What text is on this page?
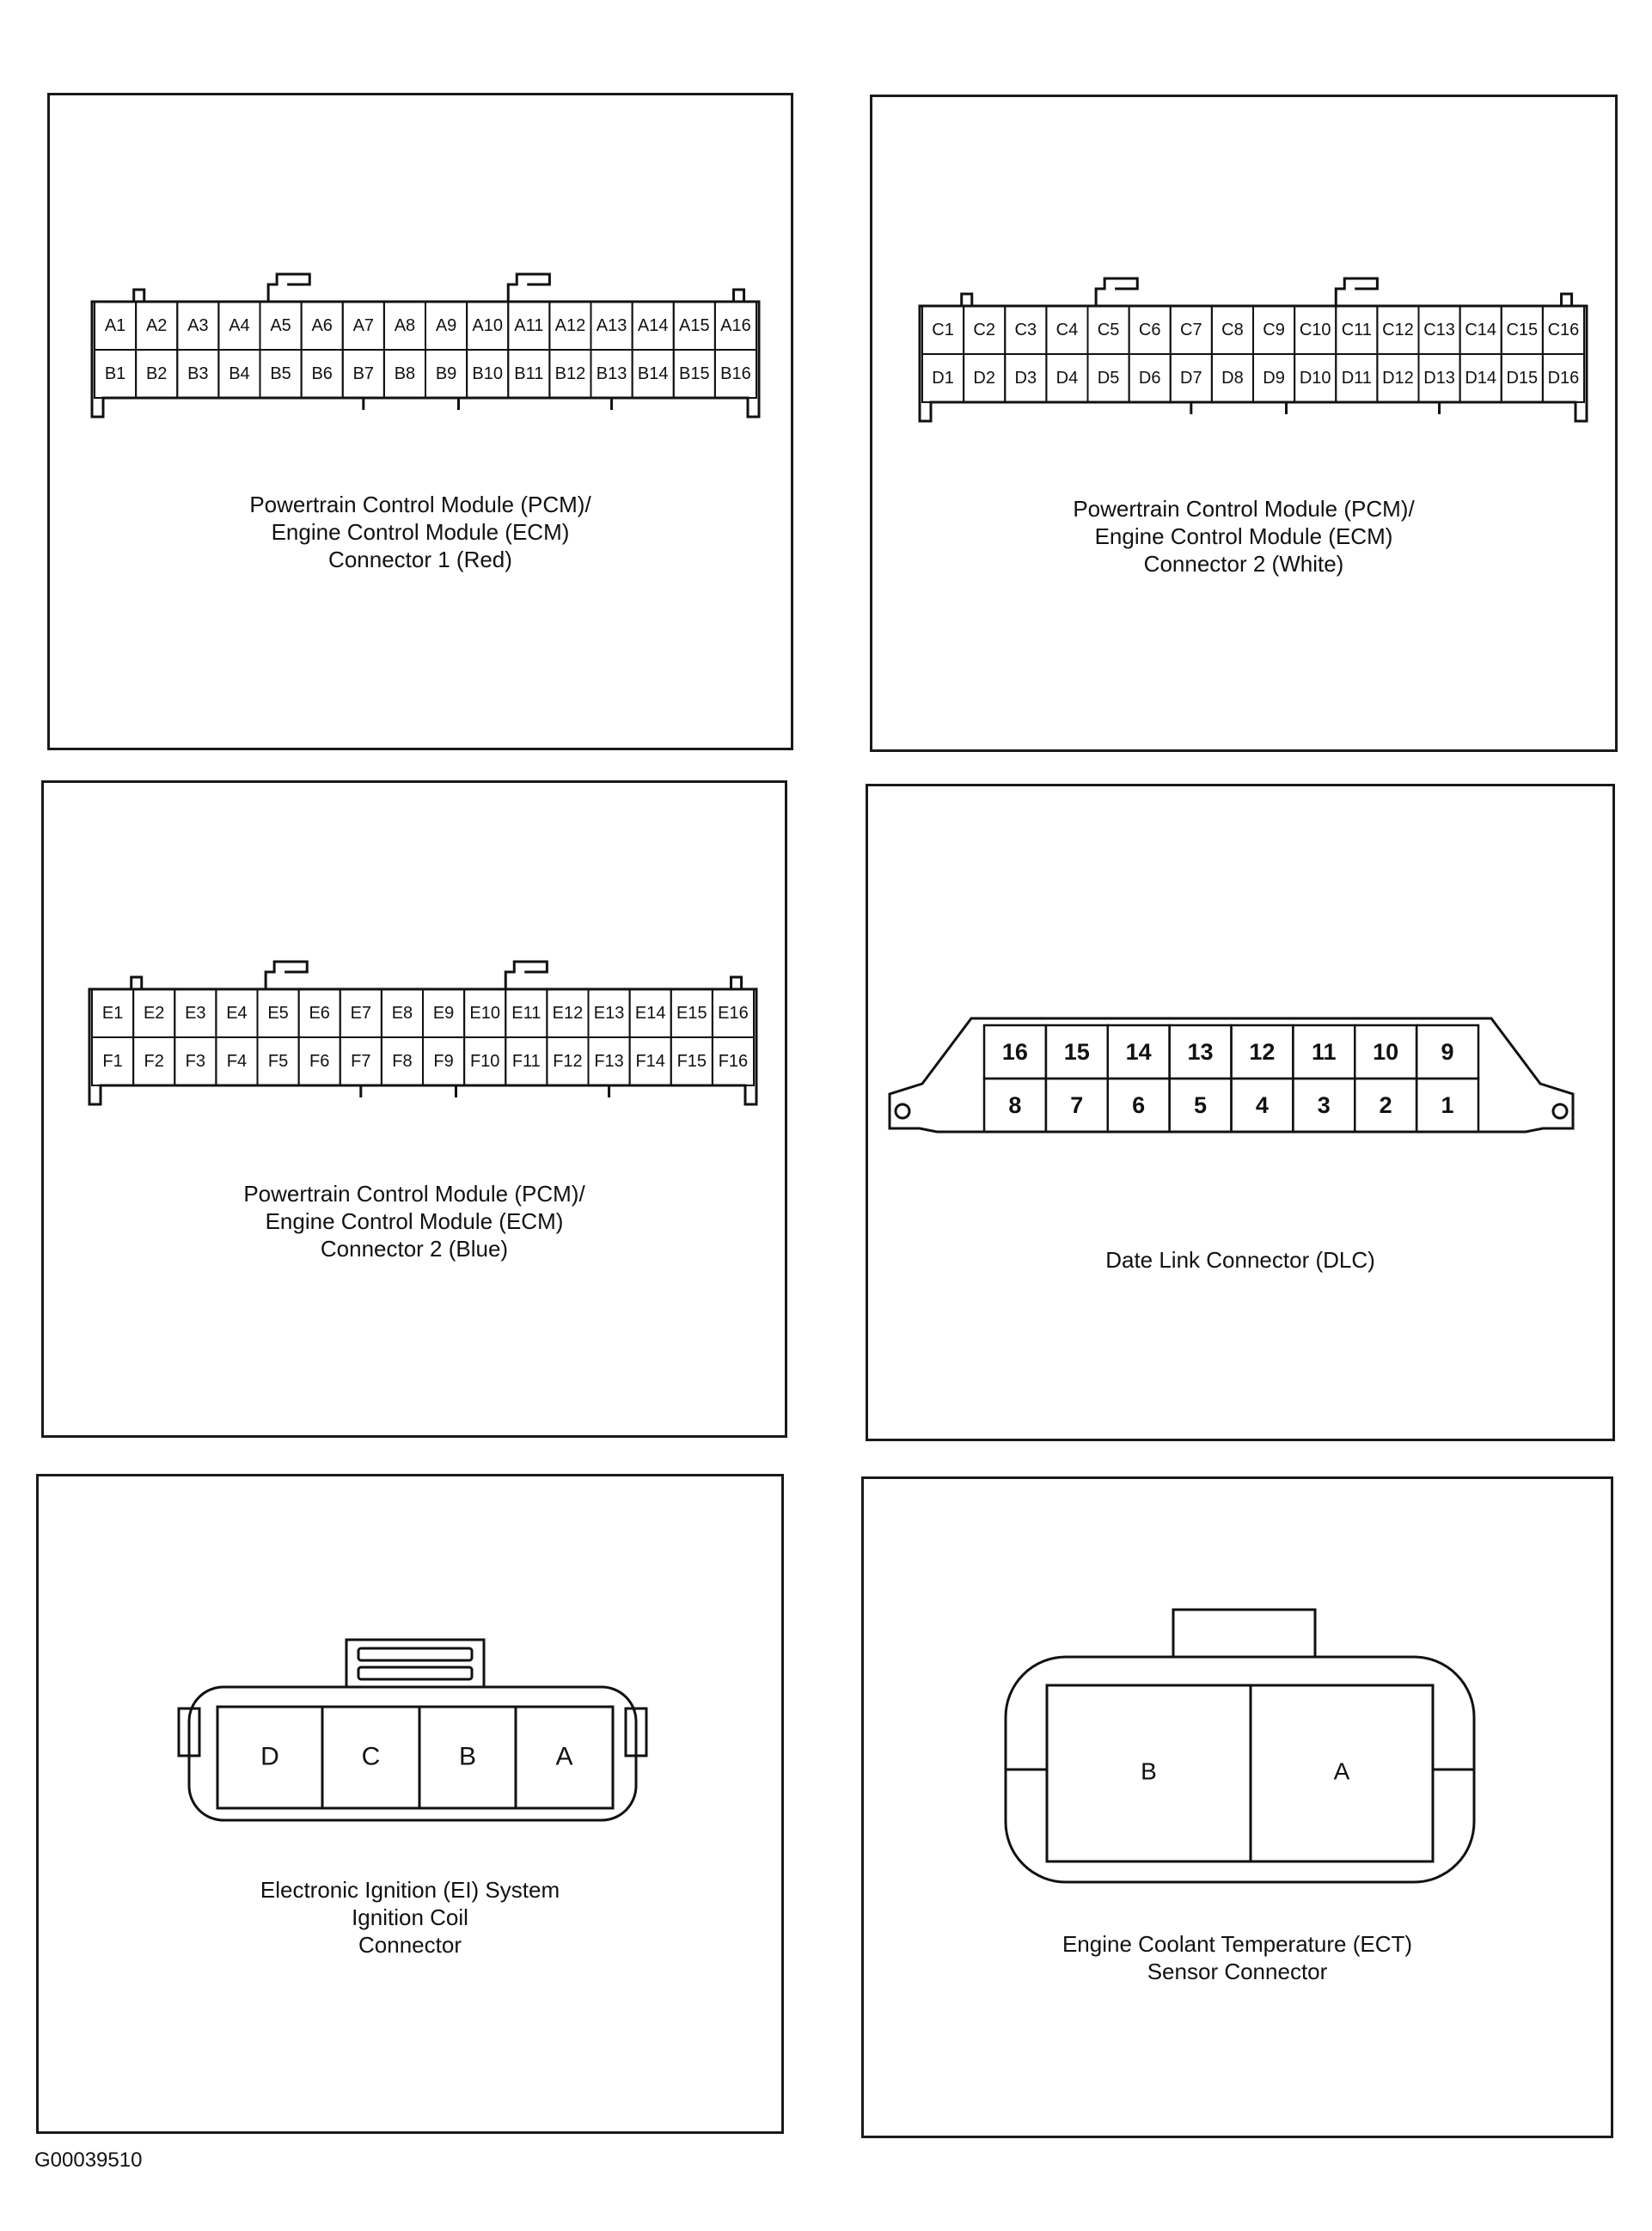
A1 A2 A3 A4 A5 A6 A7 A8 A9 A10 A11 A12 A13 A14 A15 A16
B1 B2 B3 B4 B5 B6 B7 B8 B9 B10 B11 B12 B13 B14 B15 B16
Powertrain Control Module (PCM)/
Engine Control Module (ECM)
Connector 1 (Red)
C1 C2 C3 C4 C5 C6 C7 C8 C9 C10 C11 C12 C13 C14 C15 C16
D1 D2 D3 D4 D5 D6 D7 D8 D9 D10 D11 D12 D13 D14 D15 D16
Powertrain Control Module (PCM)/
Engine Control Module (ECM)
Connector 2 (White)
E1 E2 E3 E4 E5 E6 E7 E8 E9 E10 E11 E12 E13 E14 E15 E16
F1 F2 F3 F4 F5 F6 F7 F8 F9 F10 F11 F12 F13 F14 F15 F16
Powertrain Control Module (PCM)/
Engine Control Module (ECM)
Connector 2 (Blue)
16 15 14 13 12 11 10 9
8 7 6 5 4 3 2 1
Date Link Connector (DLC)
D	C	B	A
Electronic Ignition (EI) System
Ignition Coil
Connector
B	A
Engine Coolant Temperature (ECT)
Sensor Connector
G00039510
